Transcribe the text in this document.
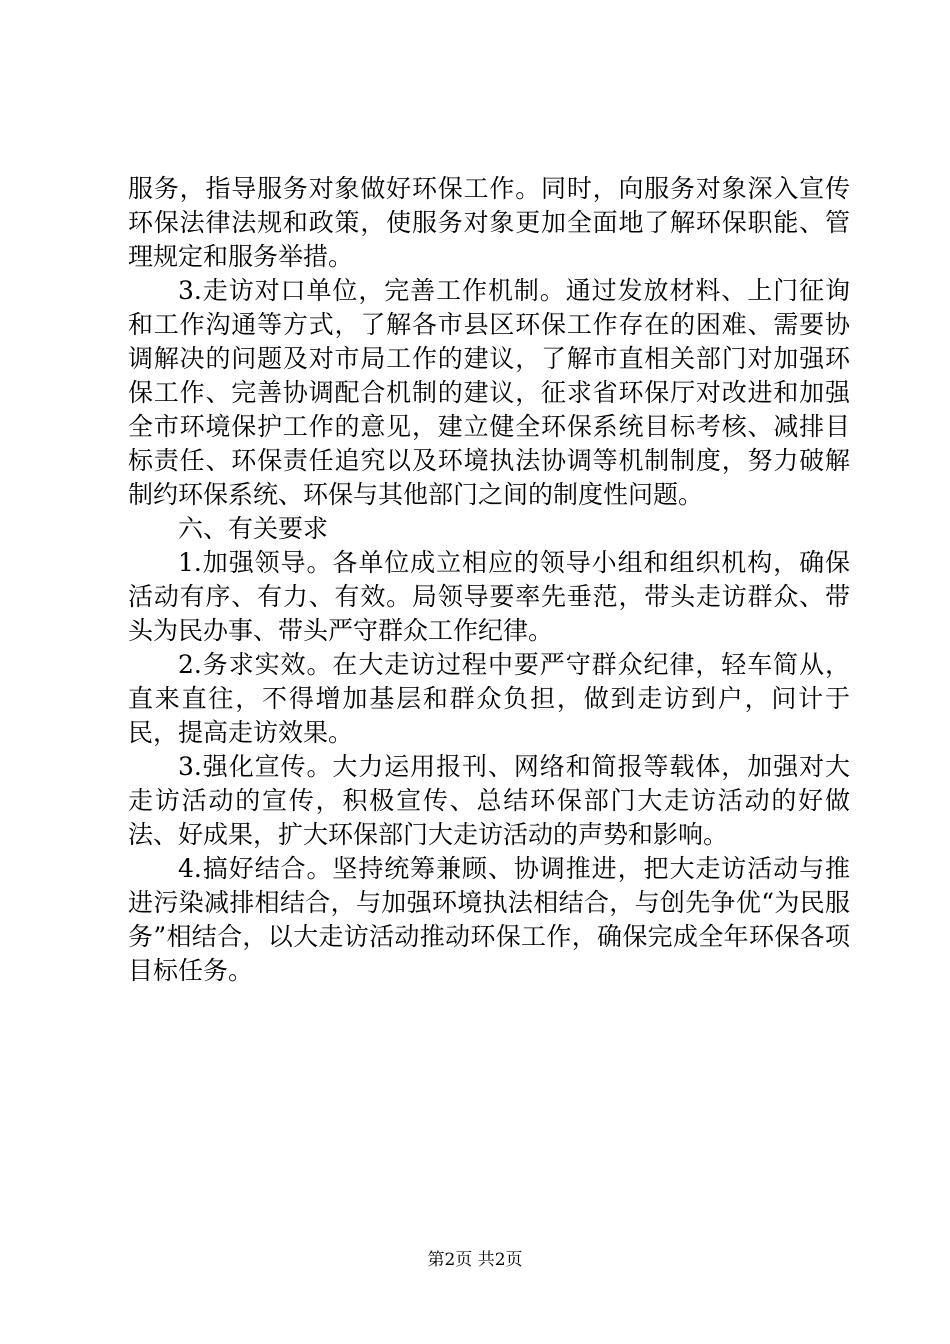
服务，指导服务对象做好环保工作。同时，向服务对象深入宣传环保法律法规和政策，使服务对象更加全面地了解环保职能、管理规定和服务举措。

3.走访对口单位，完善工作机制。通过发放材料、上门征询和工作沟通等方式，了解各市县区环保工作存在的困难、需要协调解决的问题及对市局工作的建议，了解市直相关部门对加强环保工作、完善协调配合机制的建议，征求省环保厅对改进和加强全市环境保护工作的意见，建立健全环保系统目标考核、减排目标责任、环保责任追究以及环境执法协调等机制制度，努力破解制约环保系统、环保与其他部门之间的制度性问题。

六、有关要求

1.加强领导。各单位成立相应的领导小组和组织机构，确保活动有序、有力、有效。局领导要率先垂范，带头走访群众、带头为民办事、带头严守群众工作纪律。

2.务求实效。在大走访过程中要严守群众纪律，轻车简从，直来直往，不得增加基层和群众负担，做到走访到户，问计于民，提高走访效果。

3.强化宣传。大力运用报刊、网络和简报等载体，加强对大走访活动的宣传，积极宣传、总结环保部门大走访活动的好做法、好成果，扩大环保部门大走访活动的声势和影响。

4.搞好结合。坚持统筹兼顾、协调推进，把大走访活动与推进污染减排相结合，与加强环境执法相结合，与创先争优“为民服务”相结合，以大走访活动推动环保工作，确保完成全年环保各项目标任务。

第2页 共2页
